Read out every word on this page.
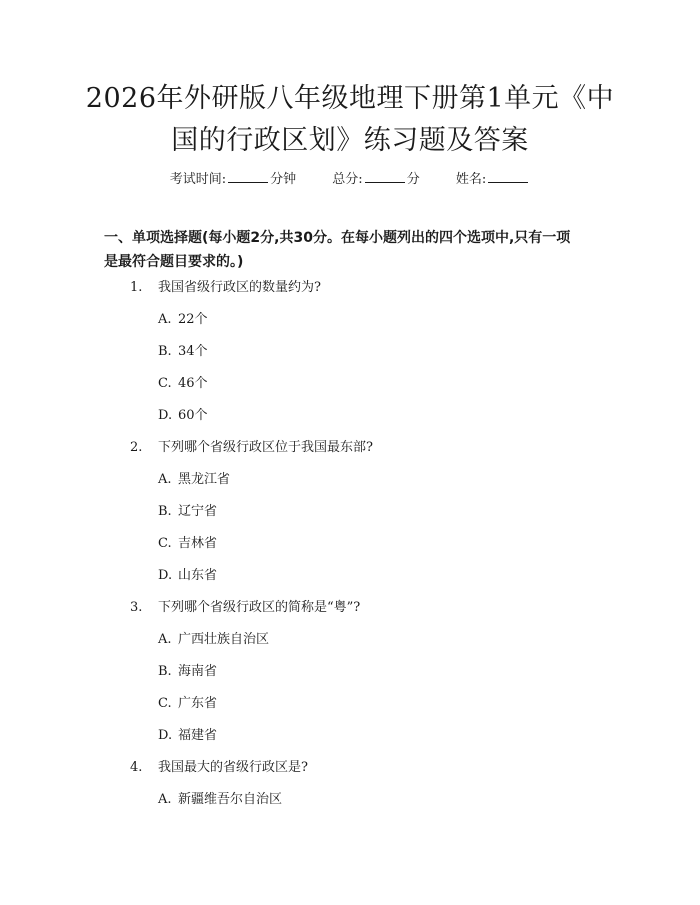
2026年外研版八年级地理下册第1单元《中
国的行政区划》练习题及答案
考试时间:	分钟	总分:	分	姓名:
一、单项选择题(每小题2分,共30分。在每小题列出的四个选项中,只有一项
是最符合题目要求的。)
1. 我国省级行政区的数量约为?
A. 22个
B. 34个
C. 46个
D. 60个
2. 下列哪个省级行政区位于我国最东部?
A. 黑龙江省
B. 辽宁省
C. 吉林省
D. 山东省
3. 下列哪个省级行政区的简称是“粤”?
A. 广西壮族自治区
B. 海南省
C. 广东省
D. 福建省
4. 我国最大的省级行政区是?
A. 新疆维吾尔自治区
